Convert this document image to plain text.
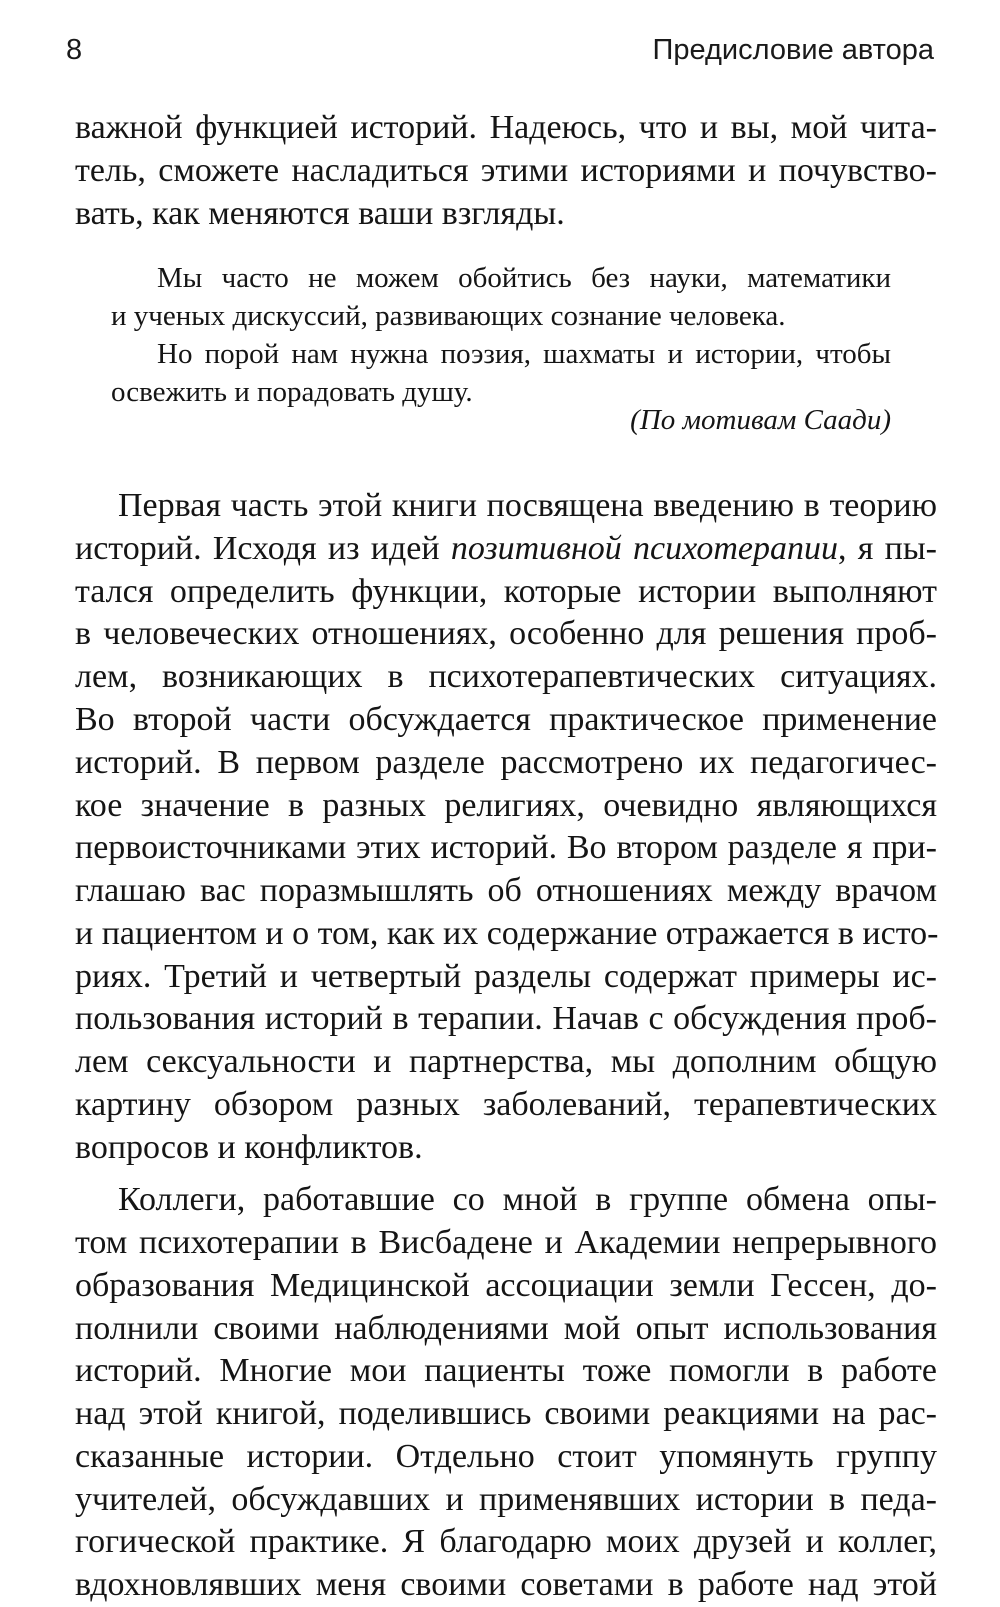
8	Предисловие автора
важной функцией историй. Надеюсь, что и вы, мой чита-
тель, сможете насладиться этими историями и почувство-
вать, как меняются ваши взгляды.
Мы часто не можем обойтись без науки, математики
и ученых дискуссий, развивающих сознание человека.
Но порой нам нужна поэзия, шахматы и истории, чтобы
освежить и порадовать душу.
(По мотивам Саади)
Первая часть этой книги посвящена введению в теорию
историй. Исходя из идей позитивной психотерапии, я пы-
тался определить функции, которые истории выполняют
в человеческих отношениях, особенно для решения проб-
лем, возникающих в психотерапевтических ситуациях.
Во второй части обсуждается практическое применение
историй. В первом разделе рассмотрено их педагогичес-
кое значение в разных религиях, очевидно являющихся
первоисточниками этих историй. Во втором разделе я при-
глашаю вас поразмышлять об отношениях между врачом
и пациентом и о том, как их содержание отражается в исто-
риях. Третий и четвертый разделы содержат примеры ис-
пользования историй в терапии. Начав с обсуждения проб-
лем сексуальности и партнерства, мы дополним общую
картину обзором разных заболеваний, терапевтических
вопросов и конфликтов.
Коллеги, работавшие со мной в группе обмена опы-
том психотерапии в Висбадене и Академии непрерывного
образования Медицинской ассоциации земли Гессен, до-
полнили своими наблюдениями мой опыт использования
историй. Многие мои пациенты тоже помогли в работе
над этой книгой, поделившись своими реакциями на рас-
сказанные истории. Отдельно стоит упомянуть группу
учителей, обсуждавших и применявших истории в педа-
гогической практике. Я благодарю моих друзей и коллег,
вдохновлявших меня своими советами в работе над этой
